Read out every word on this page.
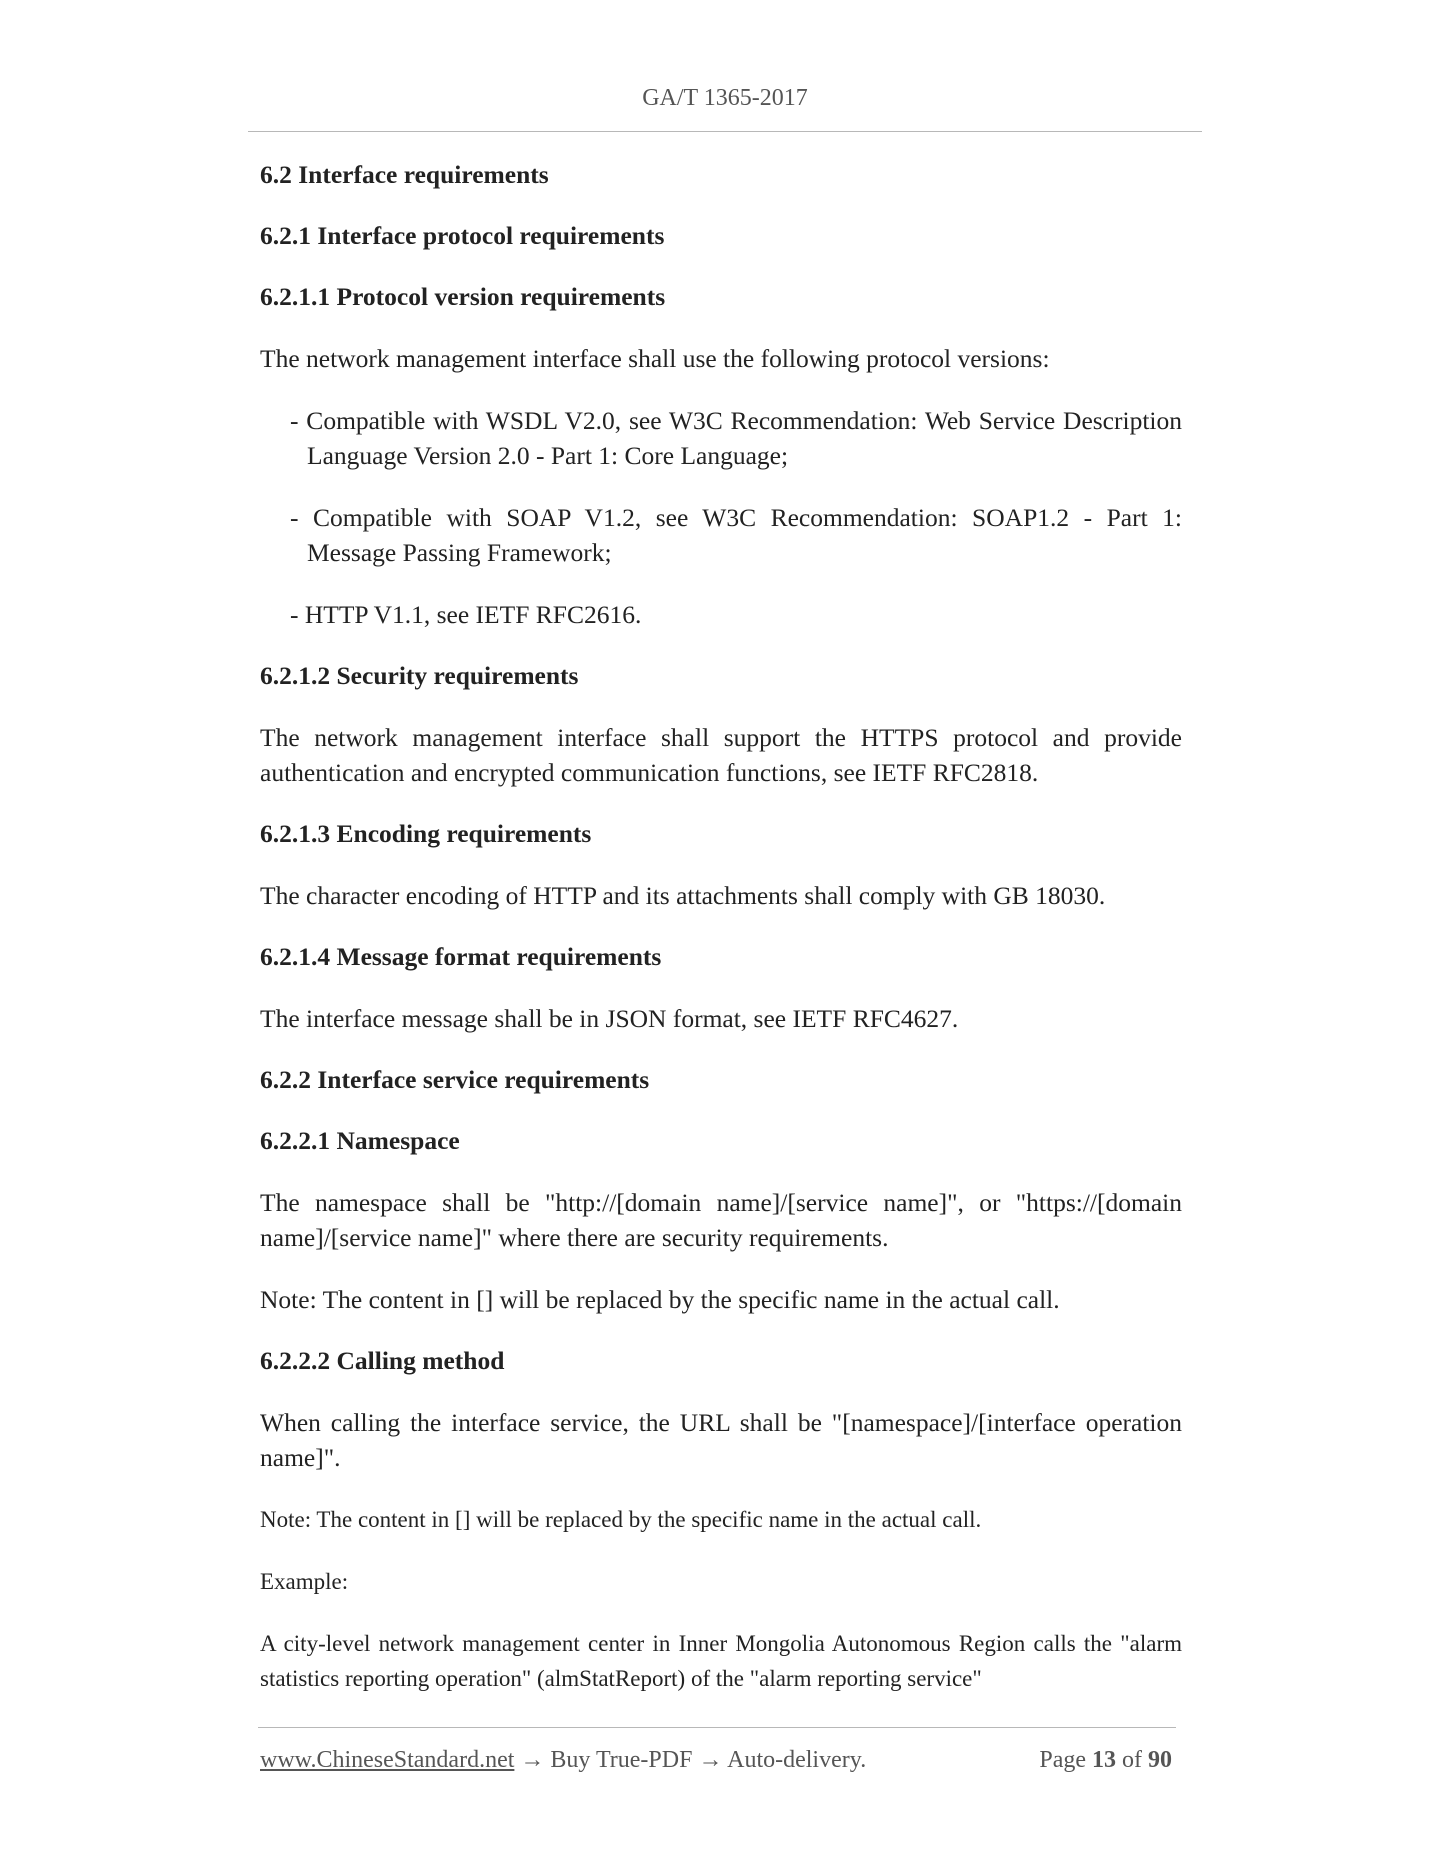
GA/T 1365-2017
6.2 Interface requirements
6.2.1 Interface protocol requirements
6.2.1.1 Protocol version requirements
The network management interface shall use the following protocol versions:
- Compatible with WSDL V2.0, see W3C Recommendation: Web Service Description Language Version 2.0 - Part 1: Core Language;
- Compatible with SOAP V1.2, see W3C Recommendation: SOAP1.2 - Part 1: Message Passing Framework;
- HTTP V1.1, see IETF RFC2616.
6.2.1.2 Security requirements
The network management interface shall support the HTTPS protocol and provide authentication and encrypted communication functions, see IETF RFC2818.
6.2.1.3 Encoding requirements
The character encoding of HTTP and its attachments shall comply with GB 18030.
6.2.1.4 Message format requirements
The interface message shall be in JSON format, see IETF RFC4627.
6.2.2 Interface service requirements
6.2.2.1 Namespace
The namespace shall be "http://[domain name]/[service name]", or "https://[domain name]/[service name]" where there are security requirements.
Note: The content in [] will be replaced by the specific name in the actual call.
6.2.2.2 Calling method
When calling the interface service, the URL shall be "[namespace]/[interface operation name]".
Note: The content in [] will be replaced by the specific name in the actual call.
Example:
A city-level network management center in Inner Mongolia Autonomous Region calls the "alarm statistics reporting operation" (almStatReport) of the "alarm reporting service"
www.ChineseStandard.net → Buy True-PDF → Auto-delivery.	Page 13 of 90
